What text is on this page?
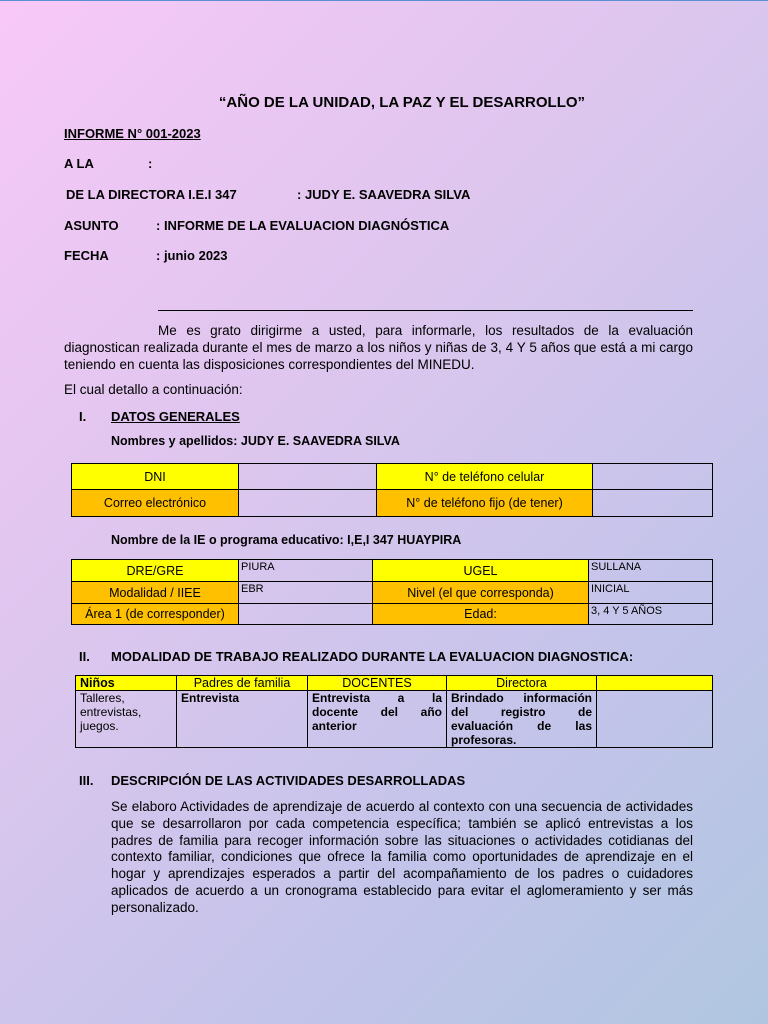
“AÑO DE LA UNIDAD, LA PAZ Y EL DESARROLLO”
INFORME N° 001-2023
A LA	:
DE LA DIRECTORA I.E.I 347	: JUDY E. SAAVEDRA SILVA
ASUNTO	: INFORME DE LA EVALUACION DIAGNÓSTICA
FECHA	: junio 2023
Me es grato dirigirme a usted, para informarle, los resultados de la evaluación diagnostican realizada durante el mes de marzo a los niños y niñas de 3, 4 Y 5 años que está a mi cargo teniendo en cuenta las disposiciones correspondientes del MINEDU.
El cual detallo a continuación:
I. DATOS GENERALES
Nombres y apellidos: JUDY E. SAAVEDRA SILVA
DNI		N° de teléfono celular	
Correo electrónico		N° de teléfono fijo (de tener)	
Nombre de la IE o programa educativo: I,E,I 347 HUAYPIRA
DRE/GRE	PIURA	UGEL	SULLANA
Modalidad / IIEE	EBR	Nivel (el que corresponda)	INICIAL
Área 1 (de corresponder)		Edad:	3, 4 Y 5 AÑOS
II. MODALIDAD DE TRABAJO REALIZADO DURANTE LA EVALUACION DIAGNOSTICA:
Niños	Padres de familia	DOCENTES	Directora	
Talleres, entrevistas, juegos.	Entrevista	Entrevista a la docente del año anterior	Brindado información del registro de evaluación de las profesoras.	
III. DESCRIPCIÓN DE LAS ACTIVIDADES DESARROLLADAS
Se elaboro Actividades de aprendizaje de acuerdo al contexto con una secuencia de actividades que se desarrollaron por cada competencia específica; también se aplicó entrevistas a los padres de familia para recoger información sobre las situaciones o actividades cotidianas del contexto familiar, condiciones que ofrece la familia como oportunidades de aprendizaje en el hogar y aprendizajes esperados a partir del acompañamiento de los padres o cuidadores aplicados de acuerdo a un cronograma establecido para evitar el aglomeramiento y ser más personalizado.
